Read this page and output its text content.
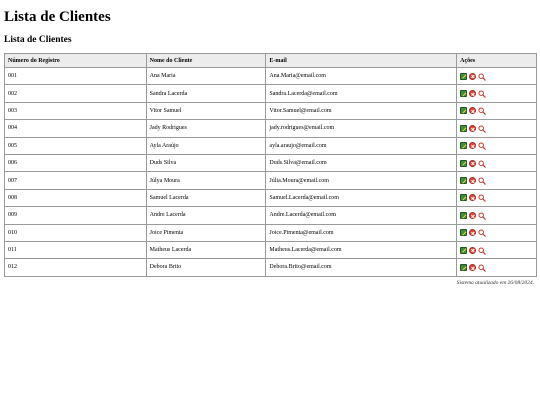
Lista de Clientes
Lista de Clientes
Número do Registro	Nome do Cliente	E-mail	Ações
001	Ana Maria	Ana.Maria@email.com	

002	Sandra Lacerda	Sandra.Lacerda@email.com	

003	Vitor Samuel	Vitor.Samuel@email.com	

004	Jady Rodrigues	jady.rodrigues@email.com	

005	Ayla Araújo	ayla.araujo@email.com	

006	Duds Silva	Duds.Silva@email.com	

007	Júlya Moura	Júlia.Moura@email.com	

008	Samuel Lacerda	Samuel.Lacerda@email.com	

009	Andre Lacerda	Andre.Lacerda@email.com	

010	Joice Pimenta	Joice.Pimenta@email.com	

011	Matheus Lacerda	Matheus.Lacerda@email.com	

012	Debora Brito	Debora.Brito@email.com	
Sistema atualizado em 26/08/2024.
